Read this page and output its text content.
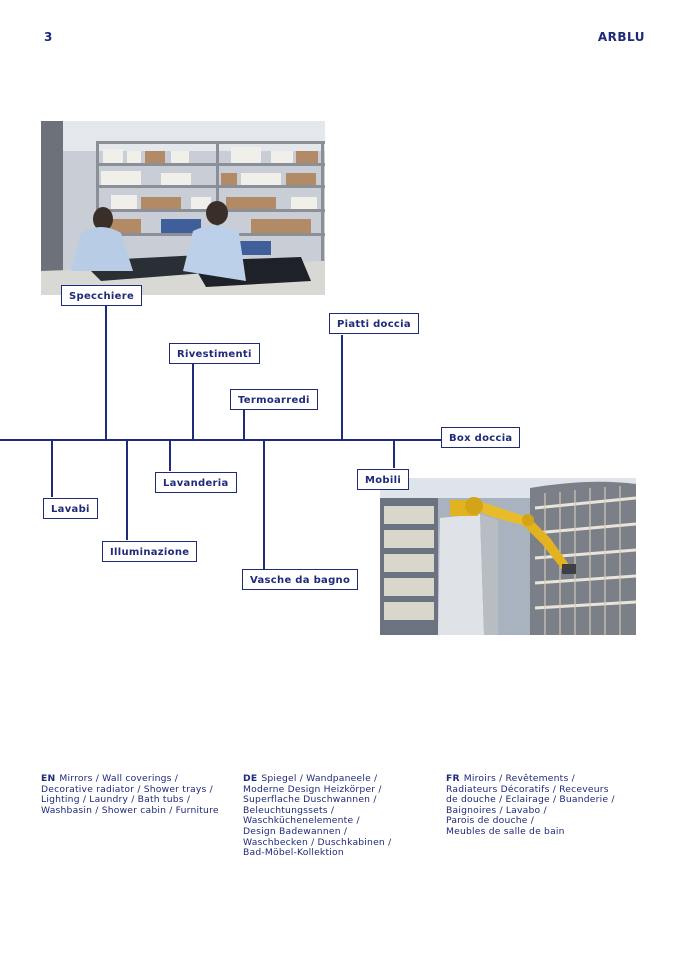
3	ARBLU
Specchiere
Rivestimenti
Piatti doccia
Termoarredi
Box doccia
Mobili
Lavanderia
Lavabi
Illuminazione
Vasche da bagno
EN Mirrors / Wall coverings /
Decorative radiator / Shower trays /
Lighting / Laundry / Bath tubs /
Washbasin / Shower cabin / Furniture
DE Spiegel / Wandpaneele /
Moderne Design Heizkörper /
Superflache Duschwannen /
Beleuchtungssets /
Waschküchenelemente /
Design Badewannen /
Waschbecken / Duschkabinen /
Bad-Möbel-Kollektion
FR Miroirs / Revêtements /
Radiateurs Décoratifs / Receveurs
de douche / Eclairage / Buanderie /
Baignoires / Lavabo /
Parois de douche /
Meubles de salle de bain
